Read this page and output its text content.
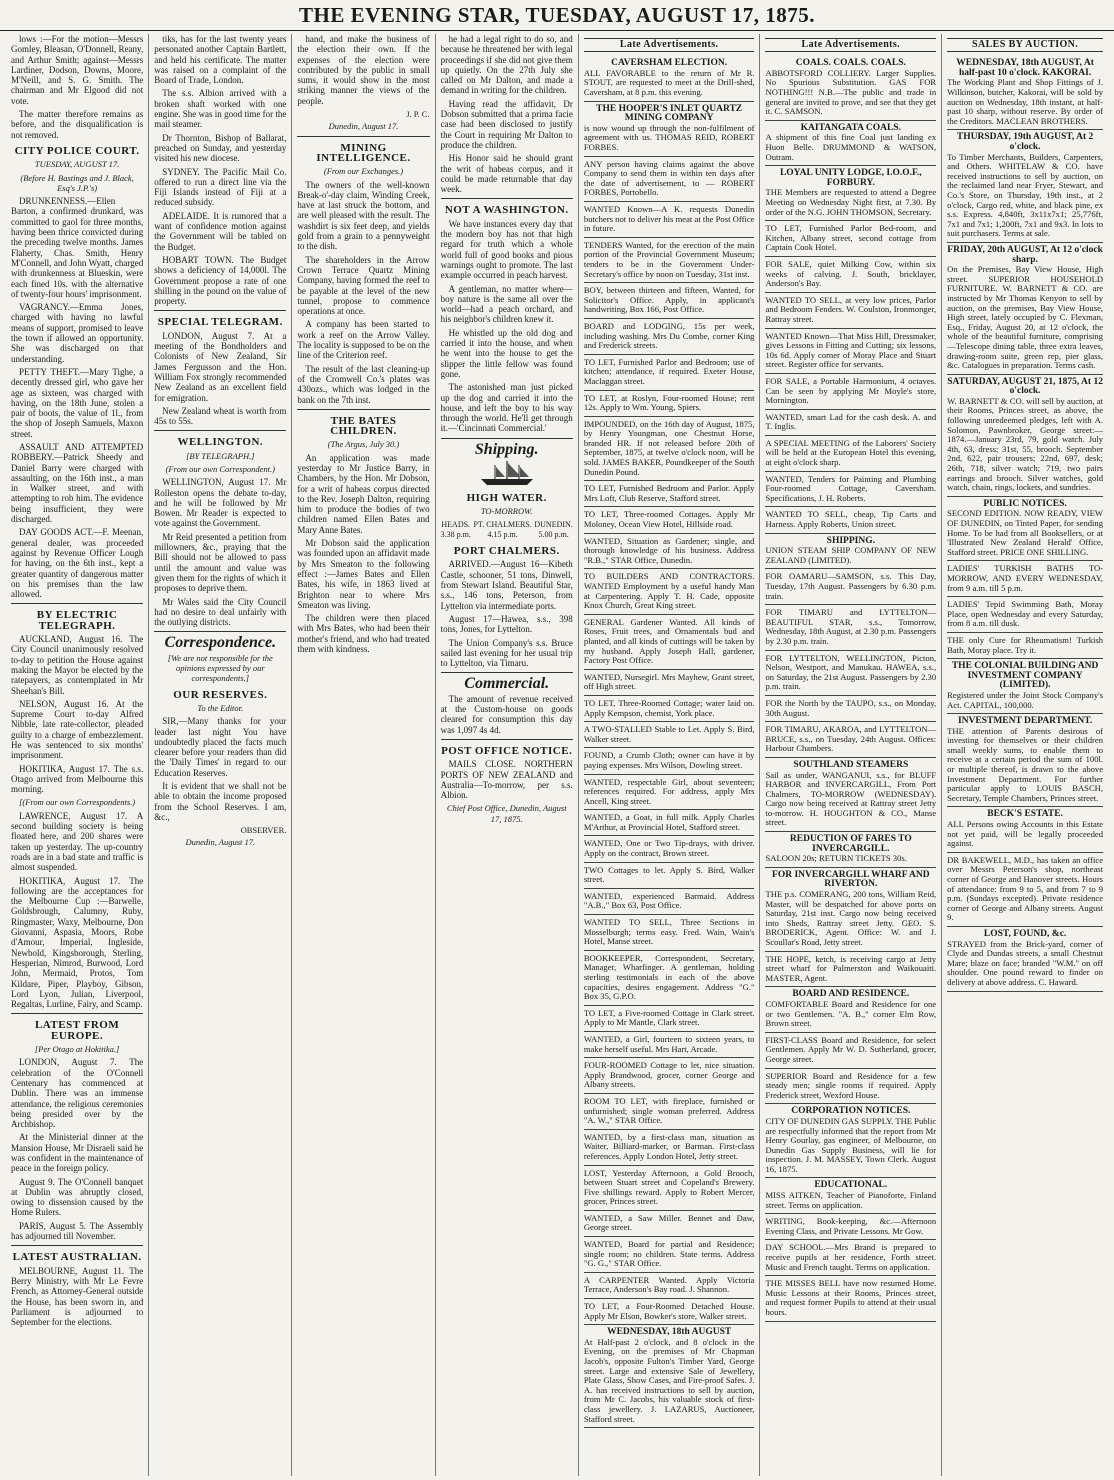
THE EVENING STAR, TUESDAY, AUGUST 17, 1875.

lows :—For the motion—Messrs Gomley, Bleasan, O'Donnell, Reany, and Arthur Smith; against—Messrs Lardiner, Dodson, Downs, Moore, M'Neill, and S. G. Smith. The chairman and Mr Elgood did not vote.

The matter therefore remains as before, and the disqualification is not removed.

CITY POLICE COURT.
TUESDAY, AUGUST 17.
(Before H. Bastings and J. Black, Esq's J.P.'s)

DRUNKENNESS.—Ellen Barton, a confirmed drunkard, was committed to gaol for three months, having been thrice convicted during the preceding twelve months. James Flaherty, Chas. Smith, Henry M'Connell, and John Wyatt, charged with drunkenness at Blueskin, were each fined 10s. with the alternative of twenty-four hours' imprisonment.

VAGRANCY.—Emma Jones, charged with having no lawful means of support, promised to leave the town if allowed an opportunity. She was discharged on that understanding.

PETTY THEFT.—Mary Tighe, a decently dressed girl, who gave her age as sixteen, was charged with having, on the 18th June, stolen a pair of boots, the value of 1l., from the shop of Joseph Samuels, Maxon street.

ASSAULT AND ATTEMPTED ROBBERY.—Patrick Sheedy and Daniel Barry were charged with assaulting, on the 16th inst., a man in Walker street, and with attempting to rob him. The evidence being insufficient, they were discharged.

DAY GOODS ACT.—F. Meenan, general dealer, was proceeded against by Revenue Officer Lough for having, on the 6th inst., kept a greater quantity of dangerous matter on his premises than the law allowed.

BY ELECTRIC TELEGRAPH.

AUCKLAND, August 16. The City Council unanimously resolved to-day to petition the House against making the Mayor be elected by the ratepayers, as contemplated in Mr Sheehan's Bill.

NELSON, August 16. At the Supreme Court to-day Alfred Nibble, late rate-collector, pleaded guilty to a charge of embezzlement. He was sentenced to six months' imprisonment.

HOKITIKA, August 17. The s.s. Otago arrived from Melbourne this morning.

[(From our own Correspondents.)

LAWRENCE, August 17. A second building society is being floated here, and 200 shares were taken up yesterday. The up-country roads are in a bad state and traffic is almost suspended.

HOKITIKA, August 17. The following are the acceptances for the Melbourne Cup :—Barwelle, Goldsbrough, Calumny, Ruby, Ringmaster, Waxy, Melbourne, Don Giovanni, Aspasia, Moors, Robe d'Amour, Imperial, Ingleside, Newbold, Kingsborough, Sterling, Hesperian, Nimrod, Burwood, Lord John, Mermaid, Protos, Tom Kildare, Piper, Playboy, Gibson, Lord Lyon, Julian, Liverpool, Regaltas, Lurline, Fairy, and Scamp.

LATEST FROM EUROPE.
[Per Otago at Hokitika.]

LONDON, August 7. The celebration of the O'Connell Centenary has commenced at Dublin. There was an immense attendance, the religious ceremonies being presided over by the Archbishop.

At the Ministerial dinner at the Mansion House, Mr Disraeli said he was confident in the maintenance of peace in the foreign policy.

August 9. The O'Connell banquet at Dublin was abruptly closed, owing to dissension caused by the Home Rulers.

PARIS, August 5. The Assembly has adjourned till November.

LATEST AUSTRALIAN.

MELBOURNE, August 11. The Berry Ministry, with Mr Le Fevre French, as Attorney-General outside the House, has been sworn in, and Parliament is adjourned to September for the elections.

tiks, has for the last twenty years personated another Captain Bartlett, and held his certificate. The matter was raised on a complaint of the Board of Trade, London.

The s.s. Albion arrived with a broken shaft worked with one engine. She was in good time for the mail steamer.

Dr Thornton, Bishop of Ballarat, preached on Sunday, and yesterday visited his new diocese.

SYDNEY. The Pacific Mail Co. offered to run a direct line via the Fiji Islands instead of Fiji at a reduced subsidy.

ADELAIDE. It is rumored that a want of confidence motion against the Government will be tabled on the Budget.

HOBART TOWN. The Budget shows a deficiency of 14,000l. The Government propose a rate of one shilling in the pound on the value of property.

SPECIAL TELEGRAM.

LONDON, August 7. At a meeting of the Bondholders and Colonists of New Zealand, Sir James Fergusson and the Hon. William Fox strongly recommended New Zealand as an excellent field for emigration.

New Zealand wheat is worth from 45s to 55s.

WELLINGTON.
[BY TELEGRAPH.]
(From our own Correspondent.)

WELLINGTON, August 17. Mr Rolleston opens the debate to-day, and he will be followed by Mr Bowen. Mr Reader is expected to vote against the Government.

Mr Reid presented a petition from millowners, &c., praying that the Bill should not be allowed to pass until the amount and value was given them for the rights of which it proposes to deprive them.

Mr Wales said the City Council had no desire to deal unfairly with the outlying districts.

Correspondence.
[We are not responsible for the opinions expressed by our correspondents.]
OUR RESERVES.
To the Editor.

SIR,—Many thanks for your leader last night You have undoubtedly placed the facts much clearer before your readers than did the 'Daily Times' in regard to our Education Reserves.

It is evident that we shall not be able to obtain the income proposed from the School Reserves. I am, &c.,

OBSERVER.
Dunedin, August 17.

hand, and make the business of the election their own. If the expenses of the election were contributed by the public in small sums, it would show in the most striking manner the views of the people.

J. P. C.
Dunedin, August 17.
MINING INTELLIGENCE.
(From our Exchanges.)

The owners of the well-known Break-o'-day claim, Winding Creek, have at last struck the bottom, and are well pleased with the result. The washdirt is six feet deep, and yields gold from a grain to a pennyweight to the dish.

The shareholders in the Arrow Crown Terrace Quartz Mining Company, having formed the reef to be payable at the level of the new tunnel, propose to commence operations at once.

A company has been started to work a reef on the Arrow Valley. The locality is supposed to be on the line of the Criterion reef.

The result of the last cleaning-up of the Cromwell Co.'s plates was 430ozs., which was lodged in the bank on the 7th inst.

THE BATES CHILDREN.
(The Argus, July 30.)

An application was made yesterday to Mr Justice Barry, in Chambers, by the Hon. Mr Dobson, for a writ of habeas corpus directed to the Rev. Joseph Dalton, requiring him to produce the bodies of two children named Ellen Bates and Mary Anne Bates.

Mr Dobson said the application was founded upon an affidavit made by Mrs Smeaton to the following effect :—James Bates and Ellen Bates, his wife, in 1863 lived at Brighton near to where Mrs Smeaton was living.

The children were then placed with Mrs Bates, who had been their mother's friend, and who had treated them with kindness.

he had a legal right to do so, and because he threatened her with legal proceedings if she did not give them up quietly. On the 27th July she called on Mr Dalton, and made a demand in writing for the children.

Having read the affidavit, Dr Dobson submitted that a prima facie case had been disclosed to justify the Court in requiring Mr Dalton to produce the children.

His Honor said he should grant the writ of habeas corpus, and it could be made returnable that day week.

NOT A WASHINGTON.

We have instances every day that the modern boy has not that high regard for truth which a whole world full of good books and pious warnings ought to promote. The last example occurred in peach harvest.

A gentleman, no matter where—boy nature is the same all over the world—had a peach orchard, and his neighbor's children knew it.

He whistled up the old dog and carried it into the house, and when he went into the house to get the slipper the little fellow was found gone.

The astonished man just picked up the dog and carried it into the house, and left the boy to his way through the world. He'll get through it.—'Cincinnati Commercial.'

Shipping.
HIGH WATER.
TO-MORROW.
HEADS.
3.38 p.m.
PT. CHALMERS.
4.15 p.m.
DUNEDIN.
5.00 p.m.
PORT CHALMERS.

ARRIVED.—August 16—Kibeth Castle, schooner, 51 tons, Dinwell, from Stewart Island. Beautiful Star, s.s., 146 tons, Peterson, from Lyttelton via intermediate ports.

August 17—Hawea, s.s., 398 tons, Jones, for Lyttelton.

The Union Company's s.s. Bruce sailed last evening for her usual trip to Lyttelton, via Timaru.

Commercial.

The amount of revenue received at the Custom-house on goods cleared for consumption this day was 1,097 4s 4d.

POST OFFICE NOTICE.

MAILS CLOSE. NORTHERN PORTS OF NEW ZEALAND and Australia—To-morrow, per s.s. Albion.

Chief Post Office, Dunedin, August 17, 1875.
Late Advertisements.
CAVERSHAM ELECTION.
ALL FAVORABLE to the return of Mr R. STOUT, are requested to meet at the Drill-shed, Caversham, at 8 p.m. this evening.
THE HOOPER'S INLET QUARTZ MINING COMPANY
is now wound up through the non-fulfilment of agreement with us. THOMAS REID, ROBERT FORBES.
ANY person having claims against the above Company to send them in within ten days after the date of advertisement, to — ROBERT FORBES, Portobello.
WANTED Known—A K. requests Dunedin butchers not to deliver his meat at the Post Office in future.
TENDERS Wanted, for the erection of the main portion of the Provincial Government Museum; tenders to be in the Government Under-Secretary's office by noon on Tuesday, 31st inst.
BOY, between thirteen and fifteen, Wanted, for Solicitor's Office. Apply, in applicant's handwriting, Box 166, Post Office.
BOARD and LODGING, 15s per week, including washing. Mrs Du Combe, corner King and Frederick streets.
TO LET, Furnished Parlor and Bedroom; use of kitchen; attendance, if required. Exeter House, Maclaggan street.
TO LET, at Roslyn, Four-roomed House; rent 12s. Apply to Wm. Young, Spiers.
IMPOUNDED, on the 16th day of August, 1875, by Henry Youngman, one Chestnut Horse, branded HR. If not released before 20th of September, 1875, at twelve o'clock noon, will be sold. JAMES BAKER, Poundkeeper of the South Dunedin Pound.
TO LET, Furnished Bedroom and Parlor. Apply Mrs Loft, Club Reserve, Stafford street.
TO LET, Three-roomed Cottages. Apply Mr Moloney, Ocean View Hotel, Hillside road.
WANTED, Situation as Gardener; single, and thorough knowledge of his business. Address "R.B.," STAR Office, Dunedin.
TO BUILDERS AND CONTRACTORS. WANTED Employment by a useful handy Man at Carpentering. Apply T. H. Cade, opposite Knox Church, Great King street.
GENERAL Gardener Wanted. All kinds of Roses, Fruit trees, and Ornamentals bud and planted, and all kinds of cuttings will be taken by my husband. Apply Joseph Hall, gardener, Factory Post Office.
WANTED, Nursegirl. Mrs Mayhew, Grant street, off High street.
TO LET, Three-Roomed Cottage; water laid on. Apply Kempson, chemist, York place.
A TWO-STALLED Stable to Let. Apply S. Bird, Walker street.
FOUND, a Crumb Cloth; owner can have it by paying expenses. Mrs Wilson, Dowling street.
WANTED, respectable Girl, about seventeen; references required. For address, apply Mrs Ancell, King street.
WANTED, a Goat, in full milk. Apply Charles M'Arthur, at Provincial Hotel, Stafford street.
WANTED, One or Two Tip-drays, with driver. Apply on the contract, Brown street.
TWO Cottages to let. Apply S. Bird, Walker street.
WANTED, experienced Barmaid. Address "A.B.," Box 63, Post Office.
WANTED TO SELL, Three Sections in Mosselburgh; terms easy. Fred. Wain, Wain's Hotel, Manse street.
BOOKKEEPER, Correspondent, Secretary, Manager, Wharfinger. A gentleman, holding sterling testimonials in each of the above capacities, desires engagement. Address "G." Box 35, G.P.O.
TO LET, a Five-roomed Cottage in Clark street. Apply to Mr Mantle, Clark street.
WANTED, a Girl, fourteen to sixteen years, to make herself useful. Mrs Hart, Arcade.
FOUR-ROOMED Cottage to let, nice situation. Apply Brandwood, grocer, corner George and Albany streets.
ROOM TO LET, with fireplace, furnished or unfurnished; single woman preferred. Address "A. W.," STAR Office.
WANTED, by a first-class man, situation as Waiter, Billiard-marker, or Barman. First-class references. Apply London Hotel, Jetty street.
LOST, Yesterday Afternoon, a Gold Brooch, between Stuart street and Copeland's Brewery. Five shillings reward. Apply to Robert Mercer, grocer, Princes street.
WANTED, a Saw Miller. Bennet and Daw, George street.
WANTED, Board for partial and Residence; single room; no children. State terms. Address "G. G.," STAR Office.
A CARPENTER Wanted. Apply Victoria Terrace, Anderson's Bay road. J. Shannon.
TO LET, a Four-Roomed Detached House. Apply Mr Elson, Bowker's store, Walker street.
WEDNESDAY, 18th AUGUST
At Half-past 2 o'clock, and 8 o'clock in the Evening, on the premises of Mr Chapman Jacob's, opposite Fulton's Timber Yard, George street. Large and extensive Sale of Jewellery, Plate Glass, Show Cases, and Fire-proof Safes. J. A. has received instructions to sell by auction, from Mr C. Jacobs, his valuable stock of first-class jewellery. J. LAZARUS, Auctioneer, Stafford street.
Late Advertisements.
COALS. COALS. COALS.
ABBOTSFORD COLLIERY. Larger Supplies. No Spurious Substitution. GAS FOR NOTHING!!! N.B.—The public and trade in general are invited to prove, and see that they get it. C. SAMSON.
KAITANGATA COALS.
A shipment of this fine Coal just landing ex Huon Belle. DRUMMOND & WATSON, Outram.
LOYAL UNITY LODGE, I.O.O.F., FORBURY.
THE Members are requested to attend a Degree Meeting on Wednesday Night first, at 7.30. By order of the N.G. JOHN THOMSON, Secretary.
TO LET, Furnished Parlor Bed-room, and Kitchen, Albany street, second cottage from Captain Cook Hotel.
FOR SALE, quiet Milking Cow, within six weeks of calving. J. South, bricklayer, Anderson's Bay.
WANTED TO SELL, at very low prices, Parlor and Bedroom Fenders. W. Coulston, Ironmonger, Rattray street.
WANTED Known—That Miss Hill, Dressmaker, gives Lessons in Fitting and Cutting; six lessons, 10s 6d. Apply corner of Moray Place and Stuart street. Register office for servants.
FOR SALE, a Portable Harmonium, 4 octaves. Can be seen by applying Mr Moyle's store, Mornington.
WANTED, smart Lad for the cash desk. A. and T. Inglis.
A SPECIAL MEETING of the Laborers' Society will be held at the European Hotel this evening, at eight o'clock sharp.
WANTED, Tenders for Painting and Plumbing Four-roomed Cottage, Caversham. Specifications, J. H. Roberts.
WANTED TO SELL, cheap, Tip Carts and Harness. Apply Roberts, Union street.
SHIPPING.
UNION STEAM SHIP COMPANY OF NEW ZEALAND (LIMITED).
FOR OAMARU—SAMSON, s.s. This Day, Tuesday, 17th August. Passengers by 6.30 p.m. train.
FOR TIMARU and LYTTELTON—BEAUTIFUL STAR, s.s., Tomorrow, Wednesday, 18th August, at 2.30 p.m. Passengers by 2.30 p.m. train.
FOR LYTTELTON, WELLINGTON, Picton, Nelson, Westport, and Manukau. HAWEA, s.s., on Saturday, the 21st August. Passengers by 2.30 p.m. train.
FOR the North by the TAUPO, s.s., on Monday, 30th August.
FOR TIMARU, AKAROA, and LYTTELTON—BRUCE, s.s., on Tuesday, 24th August. Offices: Harbour Chambers.
SOUTHLAND STEAMERS
Sail as under, WANGANUI, s.s., for BLUFF HARBOR and INVERCARGILL, From Port Chalmers, TO-MORROW (WEDNESDAY). Cargo now being received at Rattray street Jetty to-morrow. H. HOUGHTON & CO., Manse street.
REDUCTION OF FARES TO INVERCARGILL.
SALOON 20s; RETURN TICKETS 30s.
FOR INVERCARGILL WHARF AND RIVERTON.
THE p.s. COMERANG, 200 tons, William Reid, Master, will be despatched for above ports on Saturday, 21st inst. Cargo now being received into Sheds, Rattray street Jetty. GEO. S. BRODERICK, Agent. Office: W. and J. Scoullar's Road, Jetty street.
THE HOPE, ketch, is receiving cargo at Jetty street wharf for Palmerston and Waikouaiti. MASTER, Agent.
BOARD AND RESIDENCE.
COMFORTABLE Board and Residence for one or two Gentlemen. "A. B.," corner Elm Row, Brown street.
FIRST-CLASS Board and Residence, for select Gentlemen. Apply Mr W. D. Sutherland, grocer, George street.
SUPERIOR Board and Residence for a few steady men; single rooms if required. Apply Frederick street, Wexford House.
CORPORATION NOTICES.
CITY OF DUNEDIN GAS SUPPLY. THE Public are respectfully informed that the report from Mr Henry Gourlay, gas engineer, of Melbourne, on Dunedin Gas Supply Business, will lie for inspection. J. M. MASSEY, Town Clerk. August 16, 1875.
EDUCATIONAL.
MISS AITKEN, Teacher of Pianoforte, Finland street. Terms on application.
WRITING, Book-keeping, &c.—Afternoon Evening Class, and Private Lessons. Mr Gow.
DAY SCHOOL.—Mrs Brand is prepared to receive pupils at her residence, Forth street. Music and French taught. Terms on application.
THE MISSES BELL have now resumed Home. Music Lessons at their Rooms, Princes street, and request former Pupils to attend at their usual hours.
SALES BY AUCTION.
WEDNESDAY, 18th AUGUST, At half-past 10 o'clock. KAKORAI.
The Working Plant and Shop Fittings of J. Wilkinson, butcher, Kakorai, will be sold by auction on Wednesday, 18th instant, at half-past 10 sharp, without reserve. By order of the Creditors. MACLEAN BROTHERS.
THURSDAY, 19th AUGUST, At 2 o'clock.
To Timber Merchants, Builders, Carpenters, and Others. WHITELAW & CO. have received instructions to sell by auction, on the reclaimed land near Fryer, Stewart, and Co.'s Store, on Thursday, 19th inst., at 2 o'clock, Cargo red, white, and black pine, ex s.s. Express. 4,840ft, 3x11x7x1; 25,776ft, 7x1 and 7x1; 1,200ft, 7x1 and 9x3. In lots to suit purchasers. Terms at sale.
FRIDAY, 20th AUGUST, At 12 o'clock sharp.
On the Premises, Bay View House, High street. SUPERIOR HOUSEHOLD FURNITURE. W. BARNETT & CO. are instructed by Mr Thomas Kenyon to sell by auction, on the premises, Bay View House, High street, lately occupied by C. Flexman, Esq., Friday, August 20, at 12 o'clock, the whole of the beautiful furniture, comprising—Telescope dining table, three extra leaves, drawing-room suite, green rep, pier glass, &c. Catalogues in preparation. Terms cash.
SATURDAY, AUGUST 21, 1875, At 12 o'clock.
W. BARNETT & CO. will sell by auction, at their Rooms, Princes street, as above, the following unredeemed pledges, left with A. Solomon, Pawnbroker, George street:—1874.—January 23rd, 79, gold watch. July 4th, 63, dress; 31st, 55, brooch. September 2nd, 622, pair trousers; 22nd, 697, desk; 26th, 718, silver watch; 719, two pairs earrings and brooch. Silver watches, gold watch, chain, rings, lockets, and sundries.
PUBLIC NOTICES.
SECOND EDITION. NOW READY, VIEW OF DUNEDIN, on Tinted Paper, for sending Home. To be had from all Booksellers, or at 'Illustrated New Zealand Herald' Office, Stafford street. PRICE ONE SHILLING.
LADIES' TURKISH BATHS TO-MORROW, AND EVERY WEDNESDAY, from 9 a.m. till 5 p.m.
LADIES' Tepid Swimming Bath, Moray Place, open Wednesday and every Saturday, from 8 a.m. till dusk.
THE only Cure for Rheumatism! Turkish Bath, Moray place. Try it.
THE COLONIAL BUILDING AND INVESTMENT COMPANY (LIMITED).
Registered under the Joint Stock Company's Act. CAPITAL, 100,000.
INVESTMENT DEPARTMENT.
THE attention of Parents desirous of investing for themselves or their children small weekly sums, to enable them to receive at a certain period the sum of 100l. or multiple thereof, is drawn to the above Investment Department. For further particular apply to LOUIS BASCH, Secretary, Temple Chambers, Princes street.
BECK'S ESTATE.
ALL Persons owing Accounts in this Estate not yet paid, will be legally proceeded against.
DR BAKEWELL, M.D., has taken an office over Messrs Peterson's shop, northeast corner of George and Hanover streets. Hours of attendance: from 9 to 5, and from 7 to 9 p.m. (Sundays excepted). Private residence corner of George and Albany streets. August 9.
LOST, FOUND, &c.
STRAYED from the Brick-yard, corner of Clyde and Dundas streets, a small Chestnut Mare; blaze on face; branded "W.M." on off shoulder. One pound reward to finder on delivery at above address. C. Haward.
